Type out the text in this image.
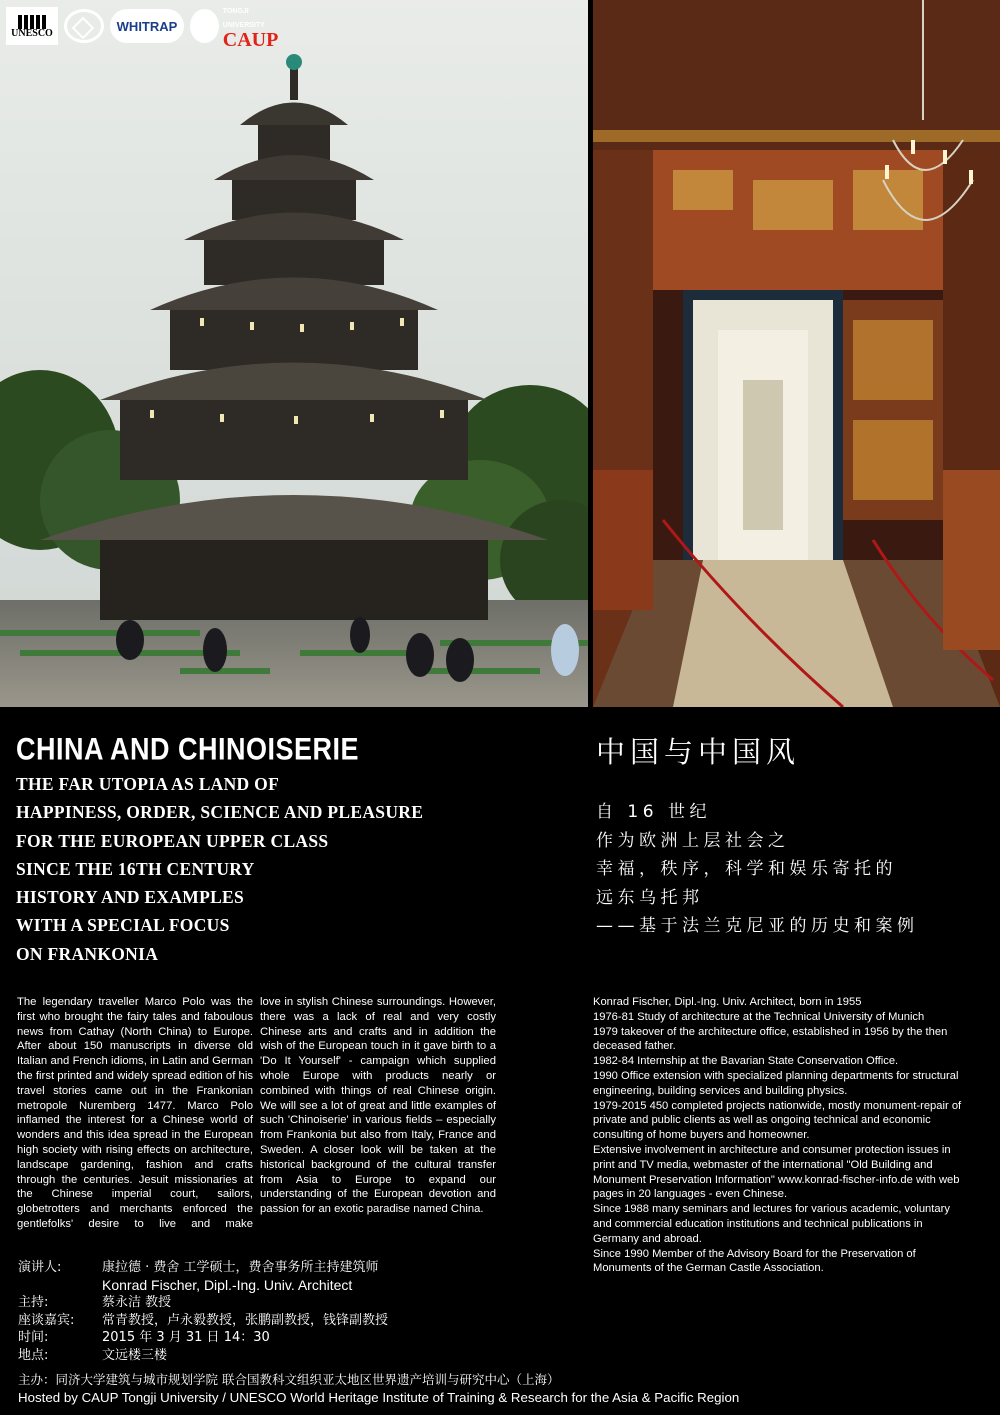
UNESCO	WHITRAP
TONGJI UNIVERSITY
CAUP
CHINA AND CHINOISERIE
THE FAR UTOPIA AS LAND OF
HAPPINESS, ORDER, SCIENCE AND PLEASURE
FOR THE EUROPEAN UPPER CLASS
SINCE THE 16TH CENTURY
HISTORY AND EXAMPLES
WITH A SPECIAL FOCUS
ON FRANKONIA
中国与中国风
自 16 世纪
作为欧洲上层社会之
幸福，秩序，科学和娱乐寄托的
远东乌托邦
——基于法兰克尼亚的历史和案例
The legendary traveller Marco Polo was the first who brought the fairy tales and faboulous news from Cathay (North China) to Europe. After about 150 manuscripts in diverse old Italian and French idioms, in Latin and German the first printed and widely spread edition of his travel stories came out in the Frankonian metropole Nuremberg 1477. Marco Polo inflamed the interest for a Chinese world of wonders and this idea spread in the European high society with rising effects on architecture, landscape gardening, fashion and crafts through the centuries. Jesuit missionaries at the Chinese imperial court, sailors, globetrotters and merchants enforced the gentlefolks' desire to live and make
love in stylish Chinese surroundings. However, there was a lack of real and very costly Chinese arts and crafts and in addition the wish of the European touch in it gave birth to a 'Do It Yourself' - campaign which supplied whole Europe with products nearly or combined with things of real Chinese origin. We will see a lot of great and little examples of such 'Chinoiserie' in various fields – especially from Frankonia but also from Italy, France and Sweden. A closer look will be taken at the historical background of the cultural transfer from Asia to Europe to expand our understanding of the European devotion and passion for an exotic paradise named China.
Konrad Fischer, Dipl.-Ing. Univ. Architect, born in 1955
1976-81 Study of architecture at the Technical University of Munich
1979 takeover of the architecture office, established in 1956 by the then deceased father.
1982-84 Internship at the Bavarian State Conservation Office.
1990 Office extension with specialized planning departments for structural engineering, building services and building physics.
1979-2015 450 completed projects nationwide, mostly monument-repair of private and public clients as well as ongoing technical and economic consulting of home buyers and homeowner.
Extensive involvement in architecture and consumer protection issues in print and TV media, webmaster of the international "Old Building and Monument Preservation Information" www.konrad-fischer-info.de with web pages in 20 languages - even Chinese.
Since 1988 many seminars and lectures for various academic, voluntary and commercial education institutions and technical publications in Germany and abroad.
Since 1990 Member of the Advisory Board for the Preservation of Monuments of the German Castle Association.
演讲人:	康拉德 · 费舍 工学硕士，费舍事务所主持建筑师
Konrad Fischer, Dipl.-Ing. Univ. Architect
主持:	蔡永洁 教授
座谈嘉宾:	常青教授，卢永毅教授，张鹏副教授，钱锋副教授
时间:	2015 年 3 月 31 日 14：30
地点:	文远楼三楼
主办：同济大学建筑与城市规划学院 联合国教科文组织亚太地区世界遗产培训与研究中心（上海）
Hosted by CAUP Tongji University / UNESCO World Heritage Institute of Training & Research for the Asia & Pacific Region
